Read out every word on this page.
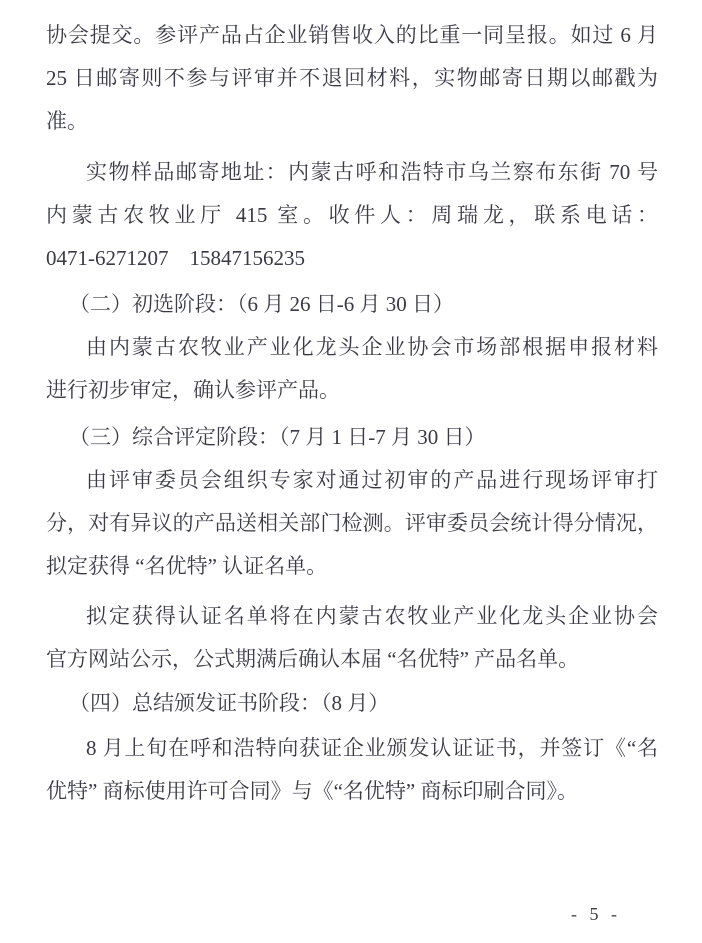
协会提交。参评产品占企业销售收入的比重一同呈报。如过 6 月
25 日邮寄则不参与评审并不退回材料，实物邮寄日期以邮戳为
准。
实物样品邮寄地址：内蒙古呼和浩特市乌兰察布东街 70 号
内蒙古农牧业厅 415 室。收件人：周瑞龙，联系电话：
0471-6271207　15847156235
（二）初选阶段：（6 月 26 日-6 月 30 日）
由内蒙古农牧业产业化龙头企业协会市场部根据申报材料
进行初步审定，确认参评产品。
（三）综合评定阶段：（7 月 1 日-7 月 30 日）
由评审委员会组织专家对通过初审的产品进行现场评审打
分，对有异议的产品送相关部门检测。评审委员会统计得分情况，
拟定获得 “名优特” 认证名单。
拟定获得认证名单将在内蒙古农牧业产业化龙头企业协会
官方网站公示，公式期满后确认本届 “名优特” 产品名单。
（四）总结颁发证书阶段：（8 月）
8 月上旬在呼和浩特向获证企业颁发认证证书，并签订《“名
优特” 商标使用许可合同》与《“名优特” 商标印刷合同》。
- 5 -
